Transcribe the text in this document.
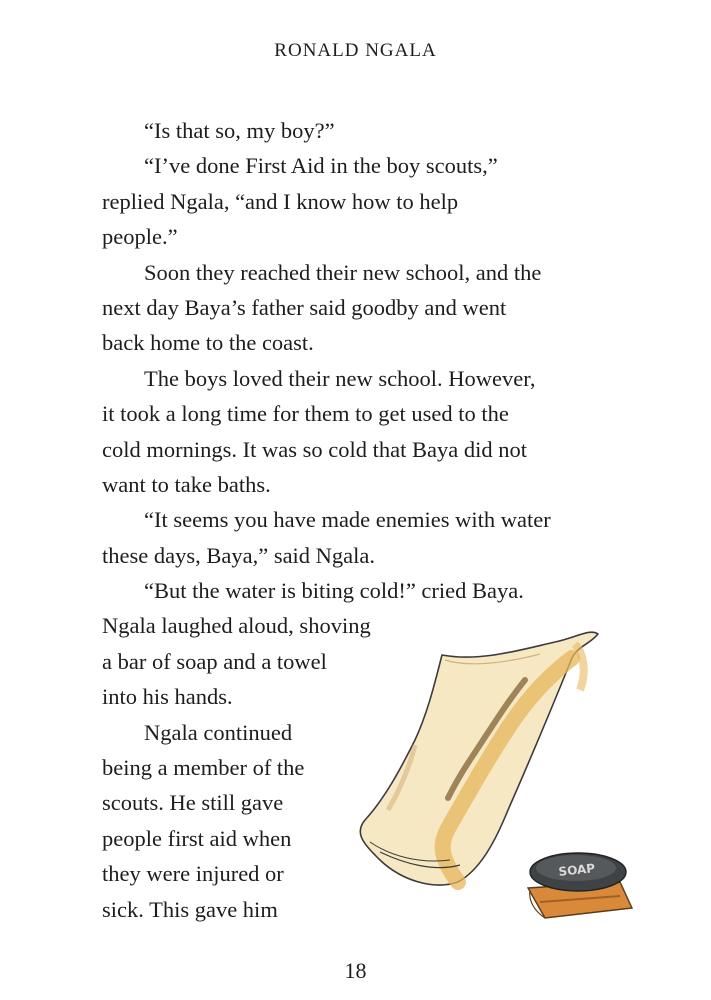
RONALD NGALA
“Is that so, my boy?”
“I’ve done First Aid in the boy scouts,”
replied Ngala, “and I know how to help
people.”
Soon they reached their new school, and the
next day Baya’s father said goodby and went
back home to the coast.
The boys loved their new school. However,
it took a long time for them to get used to the
cold mornings. It was so cold that Baya did not
want to take baths.
“It seems you have made enemies with water
these days, Baya,” said Ngala.
“But the water is biting cold!” cried Baya.
Ngala laughed aloud, shoving
a bar of soap and a towel
into his hands.
Ngala continued
being a member of the
scouts. He still gave
people first aid when
they were injured or
sick. This gave him
SOAP
18
